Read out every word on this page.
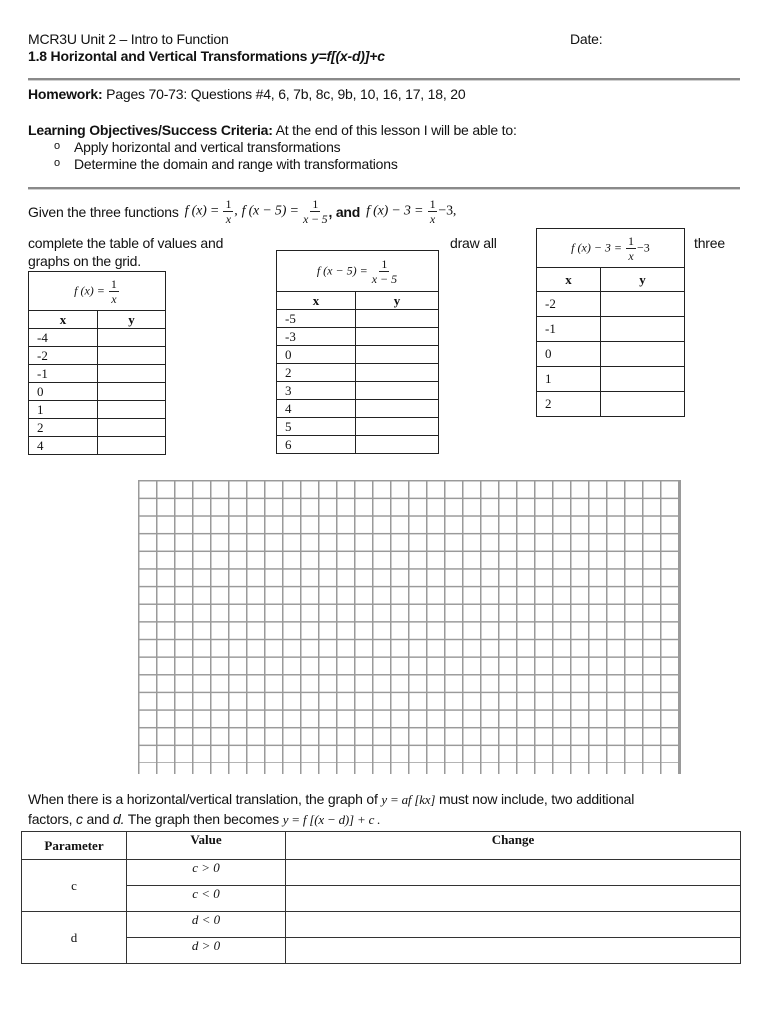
MCR3U Unit 2 – Intro to Function	Date:
1.8 Horizontal and Vertical Transformations y=f[(x-d)]+c
Homework: Pages 70-73: Questions #4, 6, 7b, 8c, 9b, 10, 16, 17, 18, 20
Learning Objectives/Success Criteria: At the end of this lesson I will be able to:
o Apply horizontal and vertical transformations
o Determine the domain and range with transformations
Given the three functions f $(x) = \frac{1}{x}$ , f $(x - 5) = \frac{1}{x - 5}$ , and f $(x) - 3 = \frac{1}{x} -3$,
complete the table of values and	draw all	three
graphs on the grid.
f $(x) = \frac{1}{x}$

x	y
-4	
-2	
-1	
0	
1	
2	
4	
f $(x - 5) = \frac{1}{x - 5}$

x	y
-5	
-3	
0	
2	
3	
4	
5	
6	
f $(x) - 3 = \frac{1}{x} -3$	
x	y
-2	
-1	
0	
1	
2	
When there is a horizontal/vertical translation, the graph of y = af [kx] must now include, two additional
factors, c and d. The graph then becomes y = f [(x − d)] + c .
Parameter	Value	Change
c	c > 0	
	c < 0	
d	d < 0	
	d > 0	
